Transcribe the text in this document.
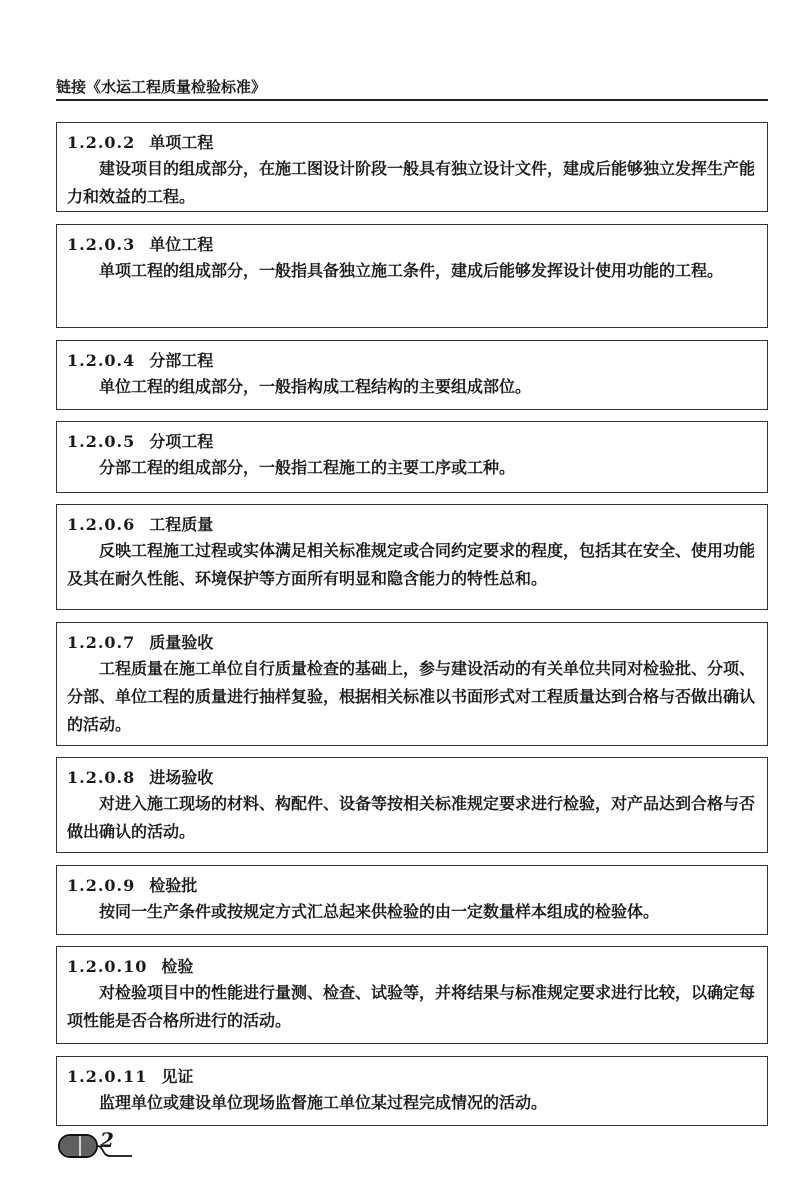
链接《水运工程质量检验标准》
1.2.0.2 单项工程
建设项目的组成部分，在施工图设计阶段一般具有独立设计文件，建成后能够独立发挥生产能力和效益的工程。
1.2.0.3 单位工程
单项工程的组成部分，一般指具备独立施工条件，建成后能够发挥设计使用功能的工程。
1.2.0.4 分部工程
单位工程的组成部分，一般指构成工程结构的主要组成部位。
1.2.0.5 分项工程
分部工程的组成部分，一般指工程施工的主要工序或工种。
1.2.0.6 工程质量
反映工程施工过程或实体满足相关标准规定或合同约定要求的程度，包括其在安全、使用功能及其在耐久性能、环境保护等方面所有明显和隐含能力的特性总和。
1.2.0.7 质量验收
工程质量在施工单位自行质量检查的基础上，参与建设活动的有关单位共同对检验批、分项、分部、单位工程的质量进行抽样复验，根据相关标准以书面形式对工程质量达到合格与否做出确认的活动。
1.2.0.8 进场验收
对进入施工现场的材料、构配件、设备等按相关标准规定要求进行检验，对产品达到合格与否做出确认的活动。
1.2.0.9 检验批
按同一生产条件或按规定方式汇总起来供检验的由一定数量样本组成的检验体。
1.2.0.10 检验
对检验项目中的性能进行量测、检查、试验等，并将结果与标准规定要求进行比较，以确定每项性能是否合格所进行的活动。
1.2.0.11 见证
监理单位或建设单位现场监督施工单位某过程完成情况的活动。
2
